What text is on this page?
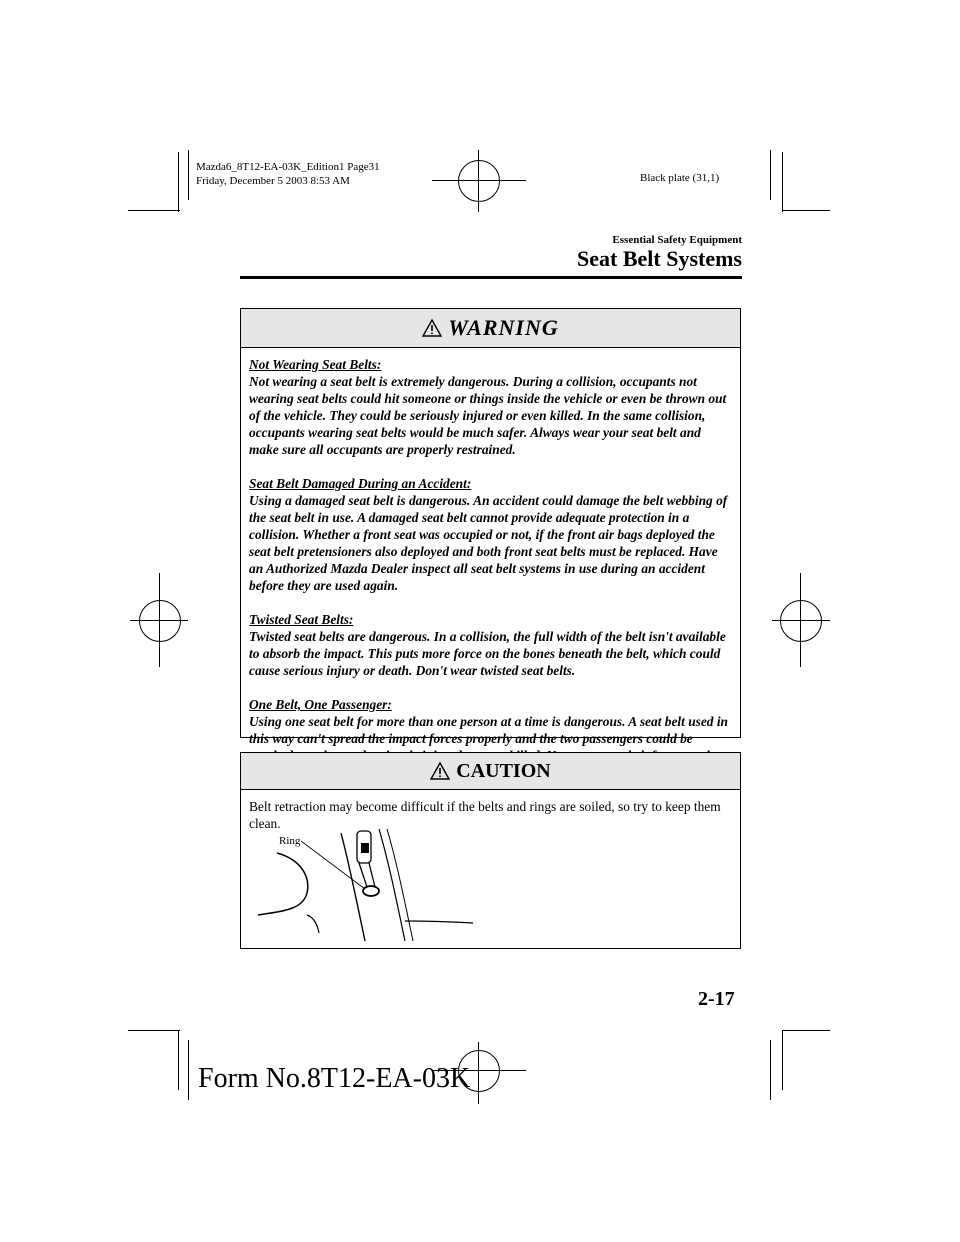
Mazda6_8T12-EA-03K_Edition1 Page31
Friday, December 5 2003 8:53 AM	Black plate (31,1)
Essential Safety Equipment
Seat Belt Systems
WARNING
Not Wearing Seat Belts:
Not wearing a seat belt is extremely dangerous. During a collision, occupants not wearing seat belts could hit someone or things inside the vehicle or even be thrown out of the vehicle. They could be seriously injured or even killed. In the same collision, occupants wearing seat belts would be much safer. Always wear your seat belt and make sure all occupants are properly restrained.
Seat Belt Damaged During an Accident:
Using a damaged seat belt is dangerous. An accident could damage the belt webbing of the seat belt in use. A damaged seat belt cannot provide adequate protection in a collision. Whether a front seat was occupied or not, if the front air bags deployed the seat belt pretensioners also deployed and both front seat belts must be replaced. Have an Authorized Mazda Dealer inspect all seat belt systems in use during an accident before they are used again.
Twisted Seat Belts:
Twisted seat belts are dangerous. In a collision, the full width of the belt isn't available to absorb the impact. This puts more force on the bones beneath the belt, which could cause serious injury or death. Don't wear twisted seat belts.
One Belt, One Passenger:
Using one seat belt for more than one person at a time is dangerous. A seat belt used in this way can't spread the impact forces properly and the two passengers could be
CAUTION
Belt retraction may become difficult if the belts and rings are soiled, so try to keep them clean.
Ring
2-17
Form No.8T12-EA-03K
